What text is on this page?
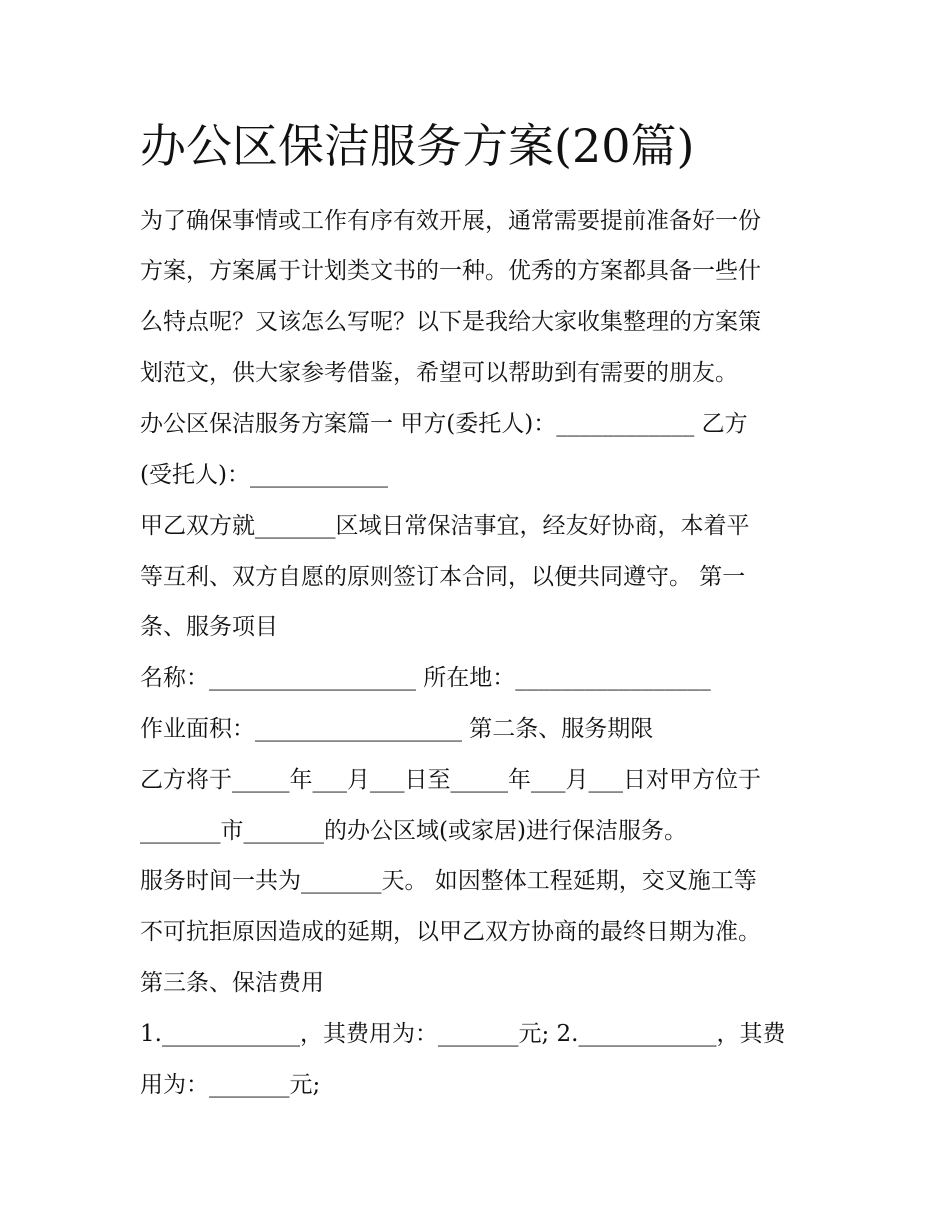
办公区保洁服务方案(20篇)

为了确保事情或工作有序有效开展，通常需要提前准备好一份

方案，方案属于计划类文书的一种。优秀的方案都具备一些什

么特点呢？又该怎么写呢？以下是我给大家收集整理的方案策

划范文，供大家参考借鉴，希望可以帮助到有需要的朋友。

办公区保洁服务方案篇一 甲方(委托人)：____________ 乙方

(受托人)：____________

甲乙双方就_______区域日常保洁事宜，经友好协商，本着平

等互利、双方自愿的原则签订本合同，以便共同遵守。 第一

条、服务项目

名称：__________________ 所在地：_________________

作业面积：__________________ 第二条、服务期限

乙方将于_____年___月___日至_____年___月___日对甲方位于

_______市_______的办公区域(或家居)进行保洁服务。

服务时间一共为_______天。 如因整体工程延期，交叉施工等

不可抗拒原因造成的延期，以甲乙双方协商的最终日期为准。

第三条、保洁费用

1.____________，其费用为：_______元; 2.____________，其费

用为：_______元;
